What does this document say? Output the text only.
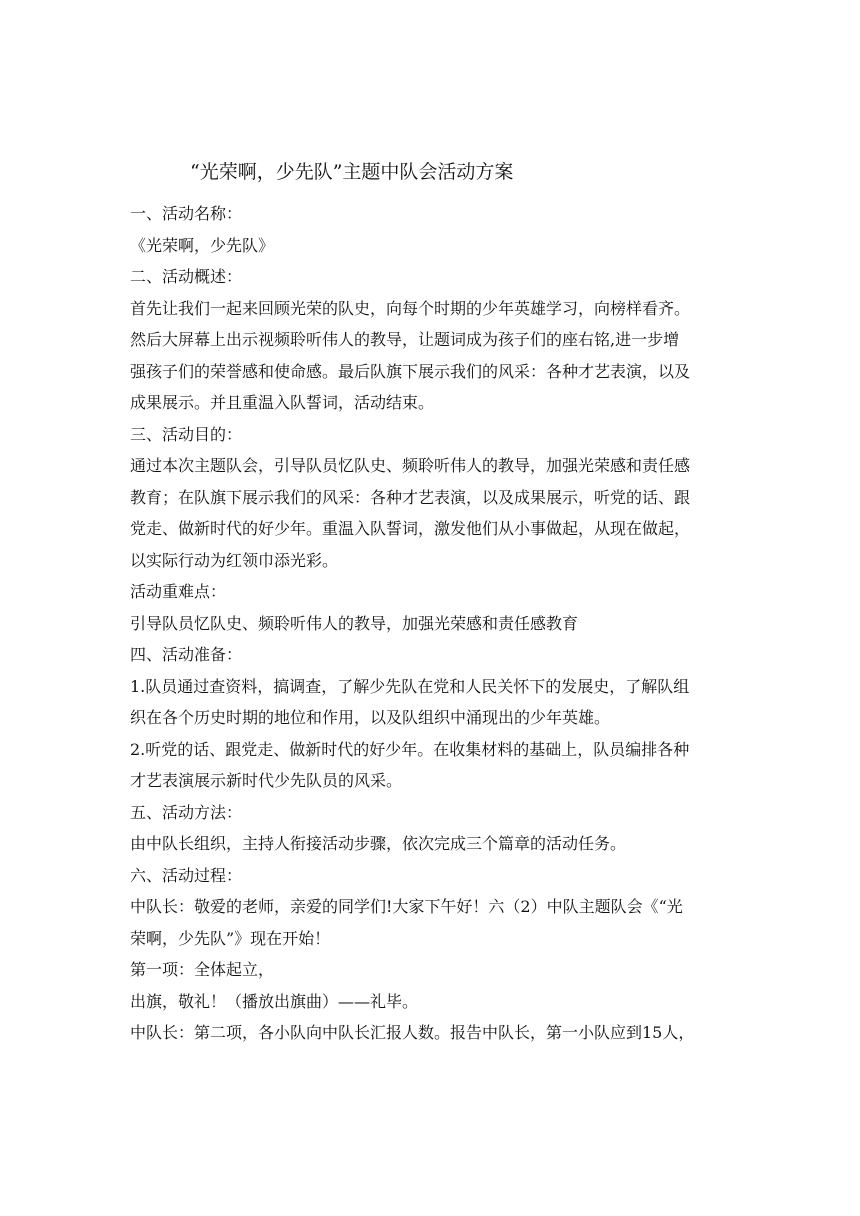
“光荣啊，少先队”主题中队会活动方案
一、活动名称：
《光荣啊，少先队》
二、活动概述：
首先让我们一起来回顾光荣的队史，向每个时期的少年英雄学习，向榜样看齐。
然后大屏幕上出示视频聆听伟人的教导，让题词成为孩子们的座右铭,进一步增
强孩子们的荣誉感和使命感。最后队旗下展示我们的风采：各种才艺表演，以及
成果展示。并且重温入队誓词，活动结束。
三、活动目的：
通过本次主题队会，引导队员忆队史、频聆听伟人的教导，加强光荣感和责任感
教育；在队旗下展示我们的风采：各种才艺表演，以及成果展示，听党的话、跟
党走、做新时代的好少年。重温入队誓词，激发他们从小事做起，从现在做起，
以实际行动为红领巾添光彩。
活动重难点：
引导队员忆队史、频聆听伟人的教导，加强光荣感和责任感教育
四、活动准备：
1.队员通过查资料，搞调查，了解少先队在党和人民关怀下的发展史，了解队组
织在各个历史时期的地位和作用，以及队组织中涌现出的少年英雄。
2.听党的话、跟党走、做新时代的好少年。在收集材料的基础上，队员编排各种
才艺表演展示新时代少先队员的风采。
五、活动方法：
由中队长组织，主持人衔接活动步骤，依次完成三个篇章的活动任务。
六、活动过程：
中队长：敬爱的老师，亲爱的同学们!大家下午好！六（2）中队主题队会《“光
荣啊，少先队”》现在开始！
第一项：全体起立，
出旗，敬礼！（播放出旗曲）——礼毕。
中队长：第二项，各小队向中队长汇报人数。报告中队长，第一小队应到15人，
